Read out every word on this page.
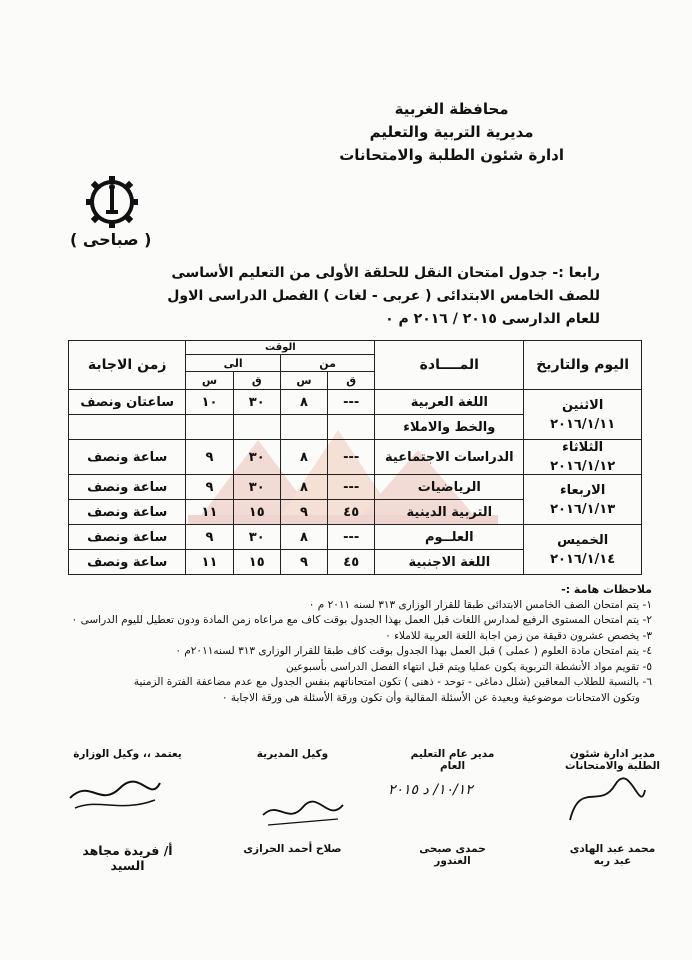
محافظة الغربية
مديرية التربية والتعليم
ادارة شئون الطلبة والامتحانات
( صباحى )
رابعا :- جدول امتحان النقل للحلقة الأولى من التعليم الأساسى
للصف الخامس الابتدائى ( عربى - لغات ) الفصل الدراسى الاول
للعام الدارسى ٢٠١٥ / ٢٠١٦ م ٠
اليوم والتاريخ	المــــادة	الوقت				زمن الاجابة
		من		الى		
		ق	س	ق	س	

الاثنين
٢٠١٦/١/١١	اللغة العربية	---	٨	٣٠	١٠	ساعتان ونصف
	والخط والاملاء					

الثلاثاء
٢٠١٦/١/١٢	الدراسات الاجتماعية	---	٨	٣٠	٩	ساعة ونصف

الاربعاء
٢٠١٦/١/١٣	الرياضيات	---	٨	٣٠	٩	ساعة ونصف
	التربية الدينية	٤٥	٩	١٥	١١	ساعة ونصف

الخميس
٢٠١٦/١/١٤	العلــوم	---	٨	٣٠	٩	ساعة ونصف
	اللغة الاجنبية	٤٥	٩	١٥	١١	ساعة ونصف
ملاحظات هامة :-
١- يتم امتحان الصف الخامس الابتدائى طبقا للقرار الوزارى ٣١٣ لسنه ٢٠١١ م ٠
٢- يتم امتحان المستوى الرفيع لمدارس اللغات قبل العمل بهذا الجدول بوقت كاف مع مراعاه زمن المادة ودون تعطيل لليوم الدراسى ٠
٣- يخصص عشرون دقيقة من زمن اجابة اللغة العربية للاملاء ٠
٤- يتم امتحان مادة العلوم ( عملى ) قبل العمل بهذا الجدول بوقت كاف طبقا للقرار الوزارى ٣١٣ لسنه٢٠١١م ٠
٥- تقويم مواد الأنشطة التربوية يكون عمليا ويتم قبل انتهاء الفصل الدراسى بأسبوعين
٦- بالنسبة للطلاب المعاقين (شلل دماغى - توحد - ذهنى ) تكون امتحاناتهم بنفس الجدول مع عدم مضاعفة الفترة الزمنية
وتكون الامتحانات موضوعية وبعيدة عن الأسئلة المقالية وأن تكون ورقة الأسئلة هى ورقة الاجابة ٠
مدير ادارة شئون الطلبة والامتحانات
محمد عبد الهادى عبد ربه
مدير عام التعليم العام
حمدى صبحى الغندور
وكيل المديرية
صلاح أحمد الحرازى
يعتمد ،، وكيل الوزارة
أ/ فريدة مجاهد السيد
١٠/١٢/ د ٢٠١٥
